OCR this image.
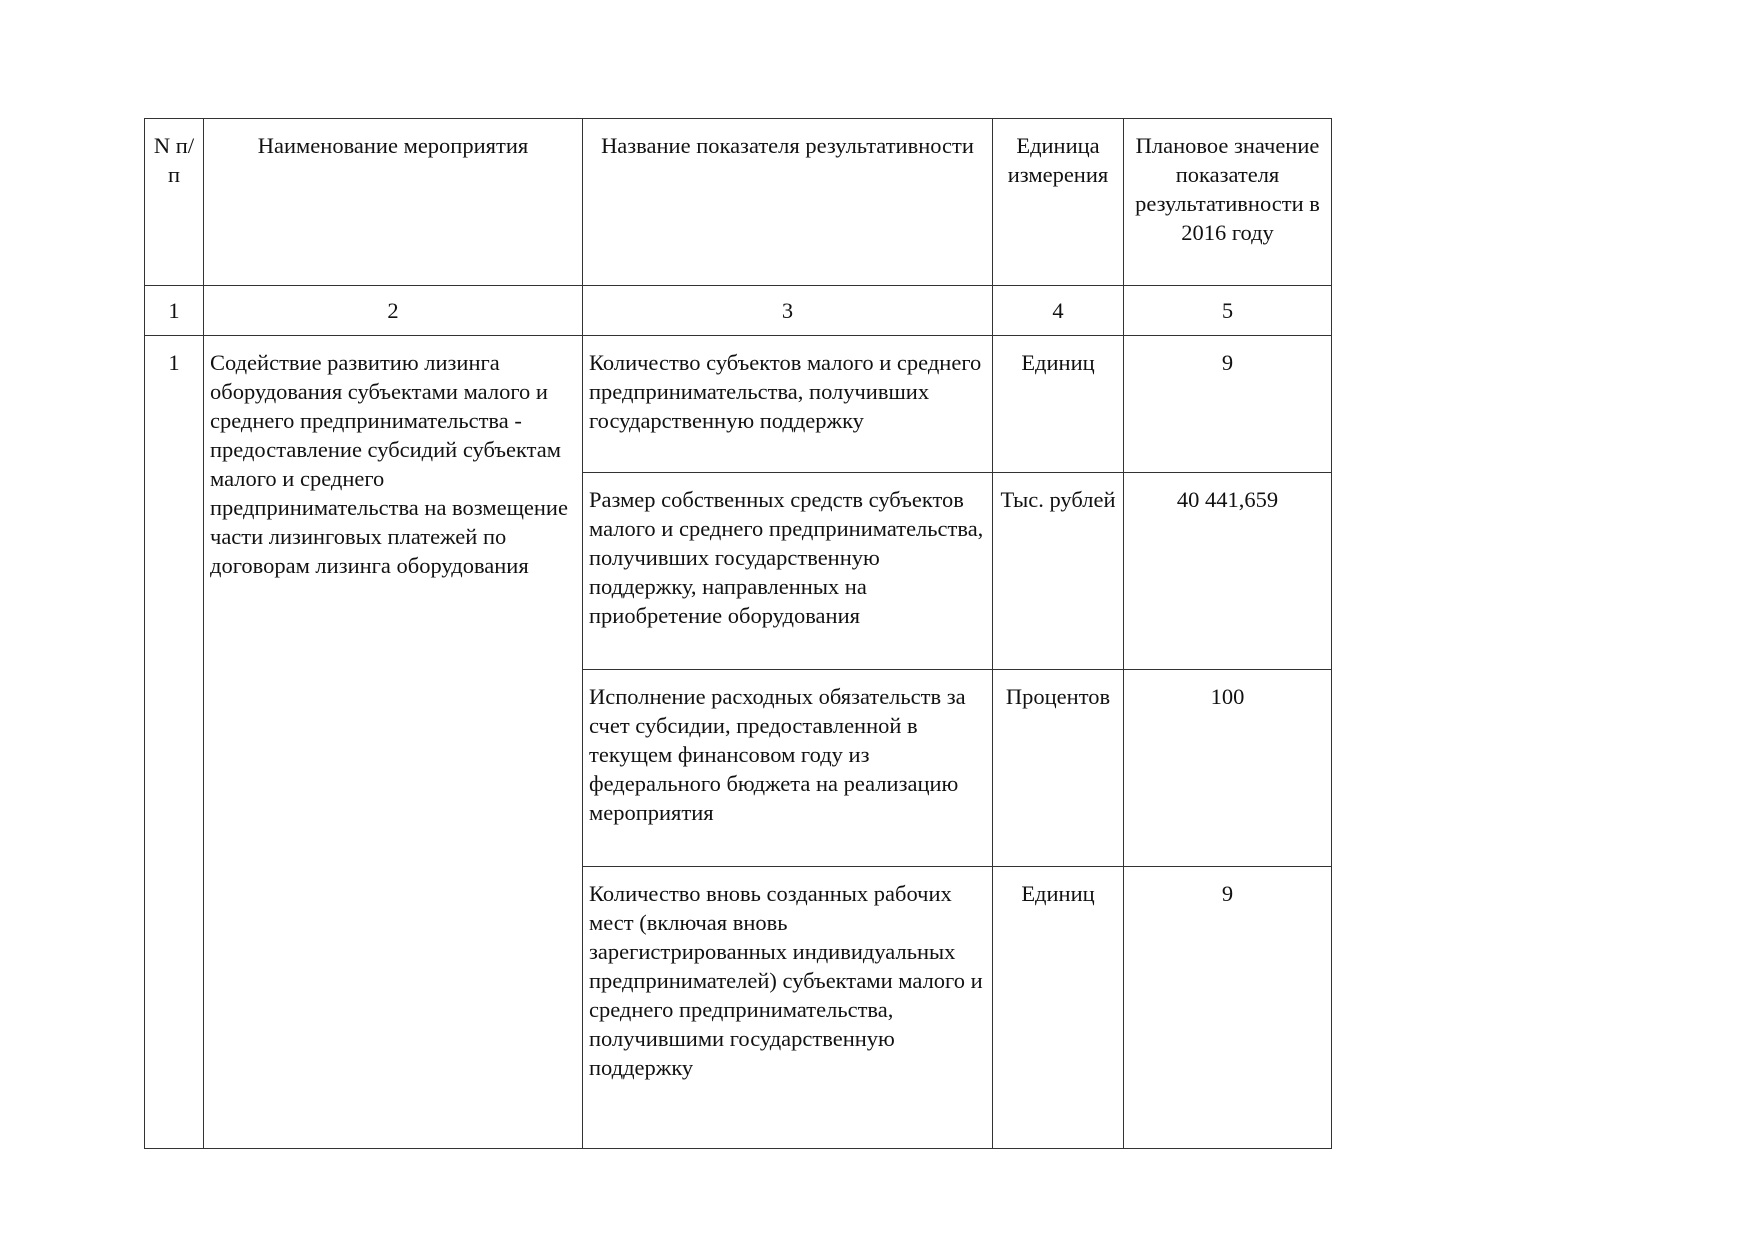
N п/п	Наименование мероприятия	Название показателя результативности	Единица измерения	Плановое значение показателя результативности в 2016 году
1	2	3	4	5
1	Содействие развитию лизинга оборудования субъектами малого и среднего предпринимательства - предоставление субсидий субъектам малого и среднего предпринимательства на возмещение части лизинговых платежей по договорам лизинга оборудования	Количество субъектов малого и среднего предпринимательства, получивших государственную поддержку	Единиц	9
		Размер собственных средств субъектов малого и среднего предпринимательства, получивших государственную поддержку, направленных на приобретение оборудования	Тыс. рублей	40 441,659
		Исполнение расходных обязательств за счет субсидии, предоставленной в текущем финансовом году из федерального бюджета на реализацию мероприятия	Процентов	100
		Количество вновь созданных рабочих мест (включая вновь зарегистрированных индивидуальных предпринимателей) субъектами малого и среднего предпринимательства, получившими государственную поддержку	Единиц	9
